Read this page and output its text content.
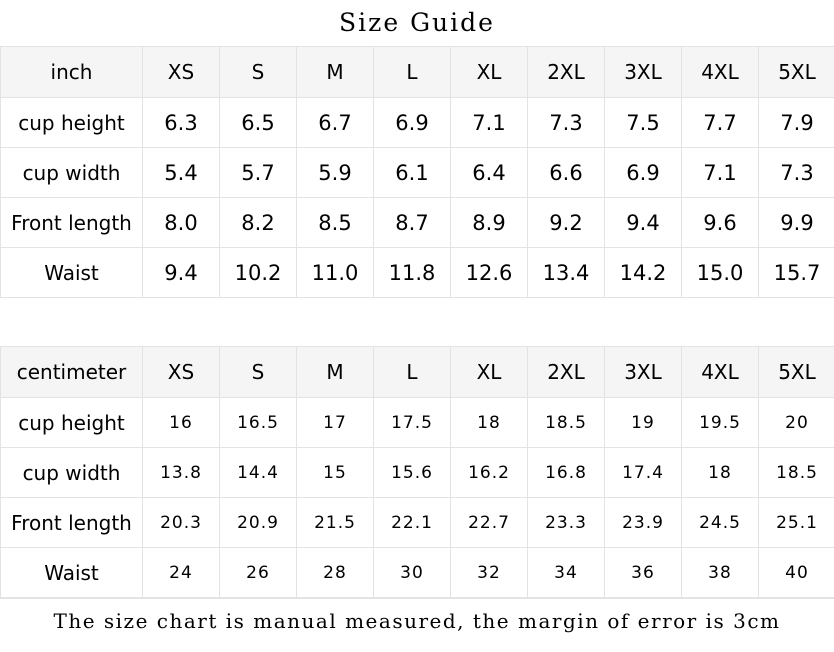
Size Guide
inch	XS	S	M	L	XL	2XL	3XL	4XL	5XL
cup height	6.3	6.5	6.7	6.9	7.1	7.3	7.5	7.7	7.9
cup width	5.4	5.7	5.9	6.1	6.4	6.6	6.9	7.1	7.3
Front length	8.0	8.2	8.5	8.7	8.9	9.2	9.4	9.6	9.9
Waist	9.4	10.2	11.0	11.8	12.6	13.4	14.2	15.0	15.7
centimeter	XS	S	M	L	XL	2XL	3XL	4XL	5XL
cup height	16	16.5	17	17.5	18	18.5	19	19.5	20
cup width	13.8	14.4	15	15.6	16.2	16.8	17.4	18	18.5
Front length	20.3	20.9	21.5	22.1	22.7	23.3	23.9	24.5	25.1
Waist	24	26	28	30	32	34	36	38	40
The size chart is manual measured, the margin of error is 3cm
